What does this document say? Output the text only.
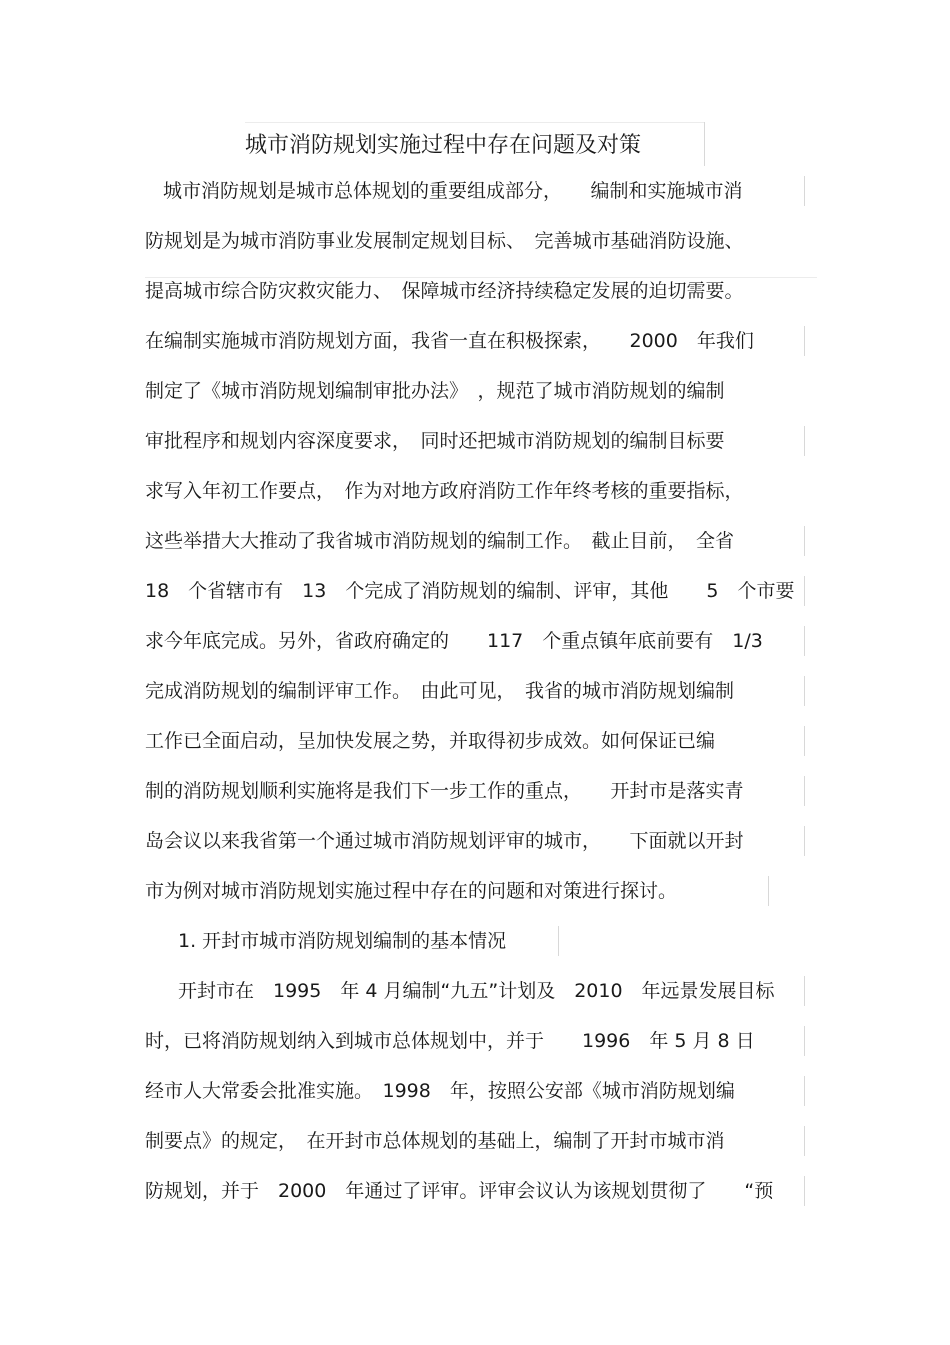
城市消防规划实施过程中存在问题及对策
城市消防规划是城市总体规划的重要组成部分，　　编制和实施城市消
防规划是为城市消防事业发展制定规划目标、　完善城市基础消防设施、
提高城市综合防灾救灾能力、　保障城市经济持续稳定发展的迫切需要。
在编制实施城市消防规划方面，我省一直在积极探索，　　2000　年我们
制定了《城市消防规划编制审批办法》　，规范了城市消防规划的编制
审批程序和规划内容深度要求，　同时还把城市消防规划的编制目标要
求写入年初工作要点，　作为对地方政府消防工作年终考核的重要指标，
这些举措大大推动了我省城市消防规划的编制工作。　截止目前，　全省
18　个省辖市有　13　个完成了消防规划的编制、评审，其他　　5　个市要
求今年底完成。另外，省政府确定的　　117　个重点镇年底前要有　1/3
完成消防规划的编制评审工作。　由此可见，　我省的城市消防规划编制
工作已全面启动，呈加快发展之势，并取得初步成效。如何保证已编
制的消防规划顺利实施将是我们下一步工作的重点，　　开封市是落实青
岛会议以来我省第一个通过城市消防规划评审的城市，　　下面就以开封
市为例对城市消防规划实施过程中存在的问题和对策进行探讨。
1. 开封市城市消防规划编制的基本情况
开封市在　1995　年 4 月编制“九五”计划及　2010　年远景发展目标
时，已将消防规划纳入到城市总体规划中，并于　　1996　年 5 月 8 日
经市人大常委会批准实施。　1998　年，按照公安部《城市消防规划编
制要点》的规定，　在开封市总体规划的基础上，编制了开封市城市消
防规划，并于　2000　年通过了评审。评审会议认为该规划贯彻了　　“预
